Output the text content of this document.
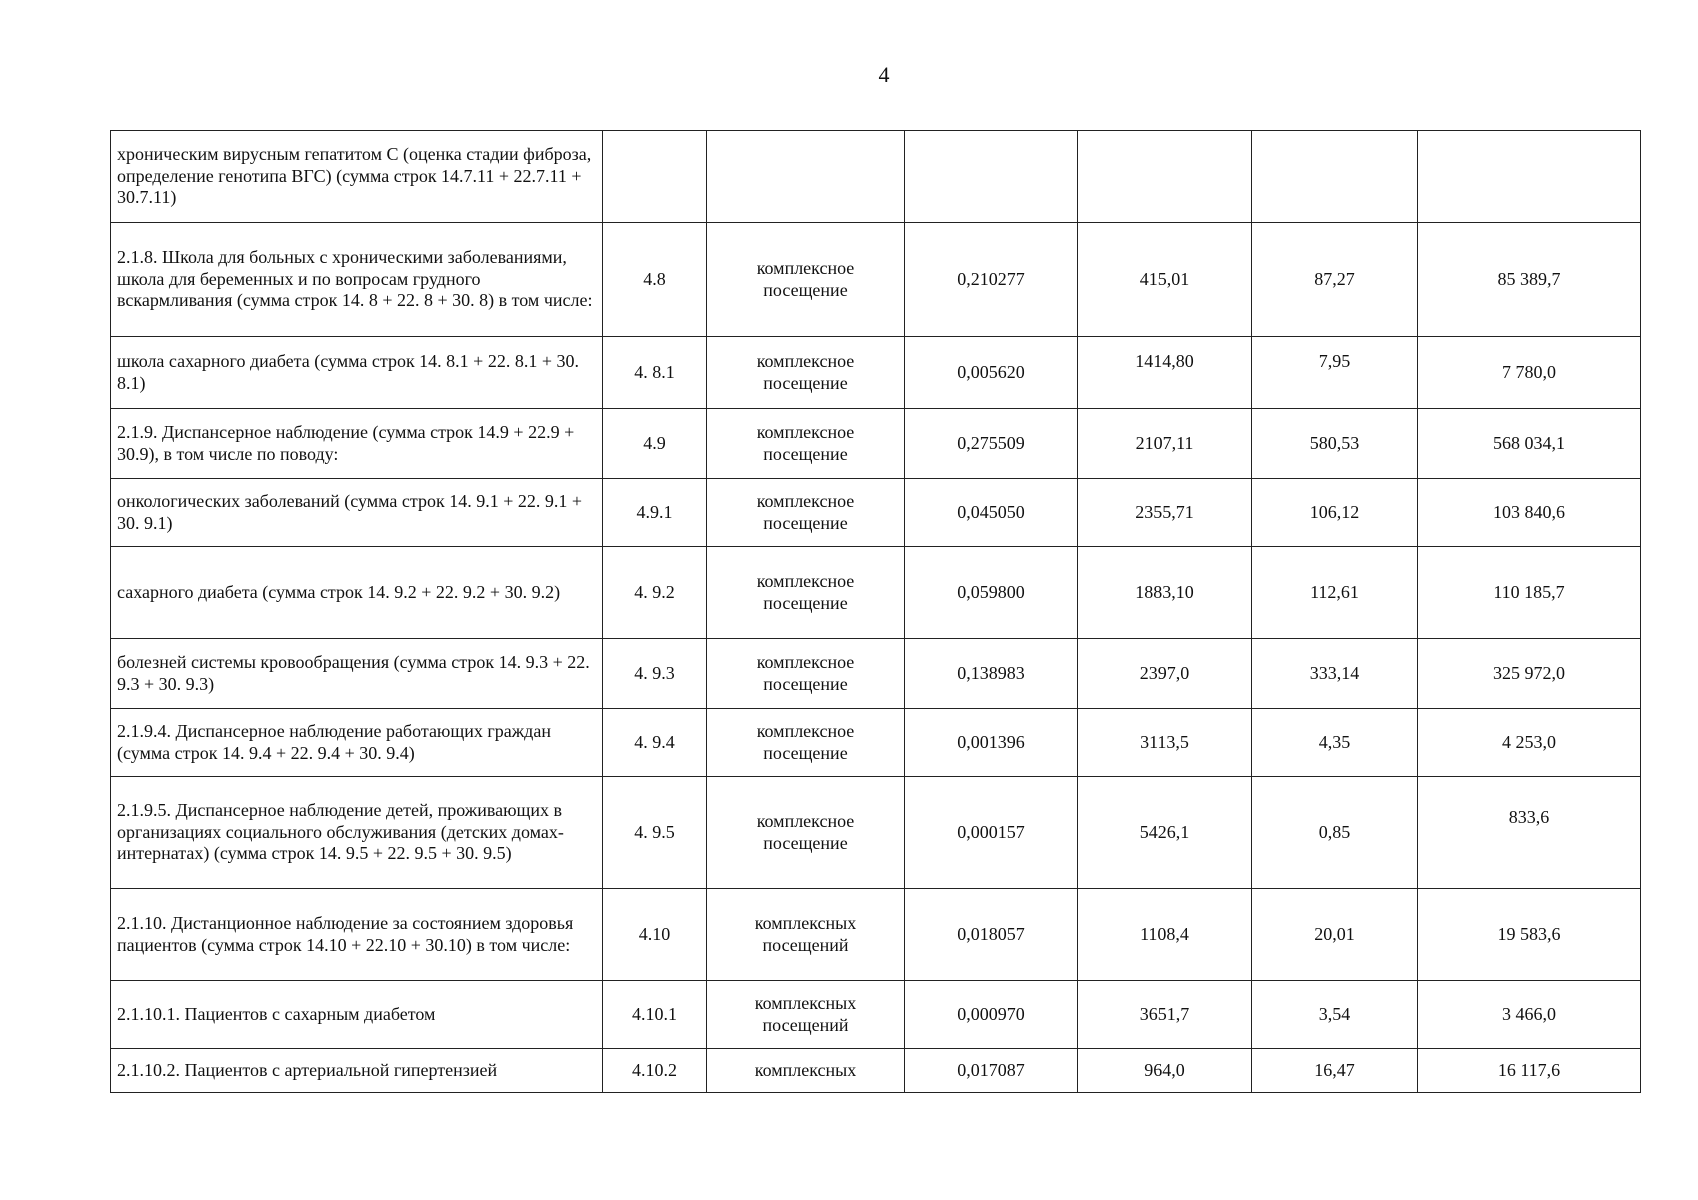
4
хроническим вирусным гепатитом С (оценка стадии фиброза, определение генотипа ВГС) (сумма строк 14.7.11 + 22.7.11 + 30.7.11)						
2.1.8. Школа для больных с хроническими заболеваниями, школа для беременных и по вопросам грудного вскармливания (сумма строк 14. 8 + 22. 8 + 30. 8) в том числе:	4.8	комплексное посещение	0,210277	415,01	87,27	85 389,7
школа сахарного диабета (сумма строк 14. 8.1 + 22. 8.1 + 30. 8.1)	4. 8.1	комплексное посещение	0,005620	1414,80	7,95	7 780,0
2.1.9. Диспансерное наблюдение (сумма строк 14.9 + 22.9 + 30.9), в том числе по поводу:	4.9	комплексное посещение	0,275509	2107,11	580,53	568 034,1
онкологических заболеваний (сумма строк 14. 9.1 + 22. 9.1 + 30. 9.1)	4.9.1	комплексное посещение	0,045050	2355,71	106,12	103 840,6
сахарного диабета (сумма строк 14. 9.2 + 22. 9.2 + 30. 9.2)	4. 9.2	комплексное посещение	0,059800	1883,10	112,61	110 185,7
болезней системы кровообращения (сумма строк 14. 9.3 + 22. 9.3 + 30. 9.3)	4. 9.3	комплексное посещение	0,138983	2397,0	333,14	325 972,0
2.1.9.4. Диспансерное наблюдение работающих граждан (сумма строк 14. 9.4 + 22. 9.4 + 30. 9.4)	4. 9.4	комплексное посещение	0,001396	3113,5	4,35	4 253,0
2.1.9.5. Диспансерное наблюдение детей, проживающих в организациях социального обслуживания (детских домах- интернатах) (сумма строк 14. 9.5 + 22. 9.5 + 30. 9.5)	4. 9.5	комплексное посещение	0,000157	5426,1	0,85	833,6
2.1.10. Дистанционное наблюдение за состоянием здоровья пациентов (сумма строк 14.10 + 22.10 + 30.10) в том числе:	4.10	комплексных посещений	0,018057	1108,4	20,01	19 583,6
2.1.10.1. Пациентов с сахарным диабетом	4.10.1	комплексных посещений	0,000970	3651,7	3,54	3 466,0
2.1.10.2. Пациентов с артериальной гипертензией	4.10.2	комплексных	0,017087	964,0	16,47	16 117,6
